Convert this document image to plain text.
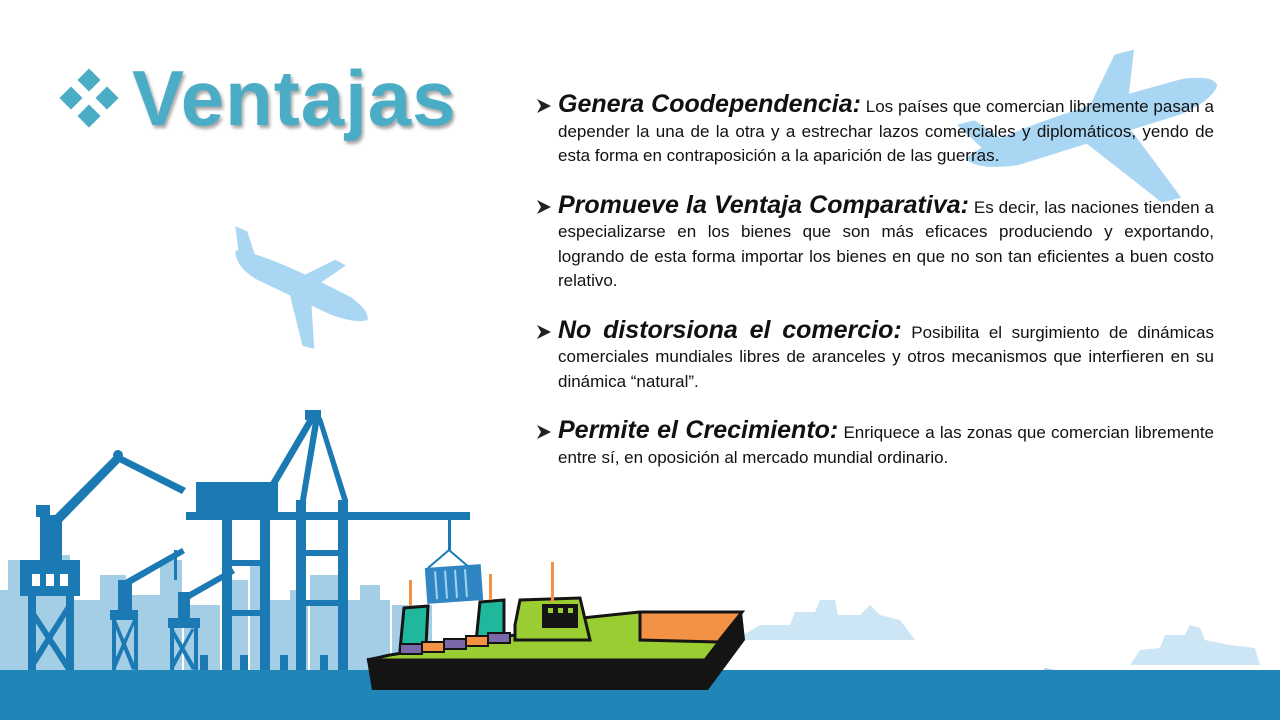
Ventajas	Genera Coodependencia: Los países que comercian libremente pasan a depender la una de la otra y a estrechar lazos comerciales y diplomáticos, yendo de esta forma en contraposición a la aparición de las guerras.
Promueve la Ventaja Comparativa: Es decir, las naciones tienden a especializarse en los bienes que son más eficaces produciendo y exportando, logrando de esta forma importar los bienes en que no son tan eficientes a buen costo relativo.
No distorsiona el comercio: Posibilita el surgimiento de dinámicas comerciales mundiales libres de aranceles y otros mecanismos que interfieren en su dinámica “natural”.
Permite el Crecimiento: Enriquece a las zonas que comercian libremente entre sí, en oposición al mercado mundial ordinario.
